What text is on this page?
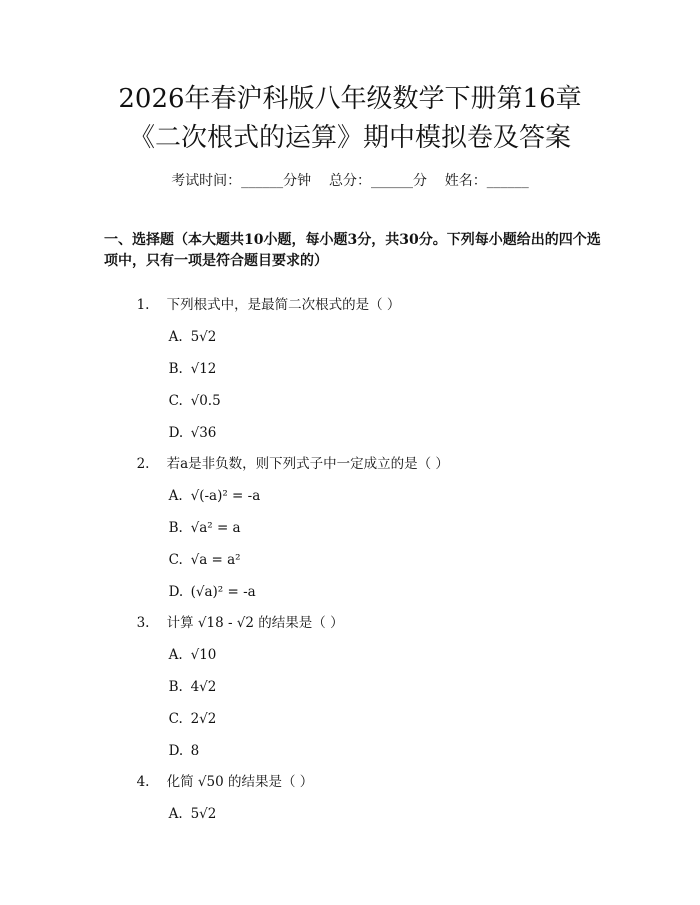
2026年春沪科版八年级数学下册第16章
《二次根式的运算》期中模拟卷及答案
考试时间：______分钟    总分：______分    姓名：______
一、选择题（本大题共10小题，每小题3分，共30分。下列每小题给出的四个选项中，只有一项是符合题目要求的）

1. 下列根式中，是最简二次根式的是（ ）

A. 5√2

B. √12

C. √0.5

D. √36

2. 若a是非负数，则下列式子中一定成立的是（ ）

A. √(-a)² = -a

B. √a² = a

C. √a = a²

D. (√a)² = -a

3. 计算 √18 - √2 的结果是（ ）

A. √10

B. 4√2

C. 2√2

D. 8

4. 化简 √50 的结果是（ ）

A. 5√2
